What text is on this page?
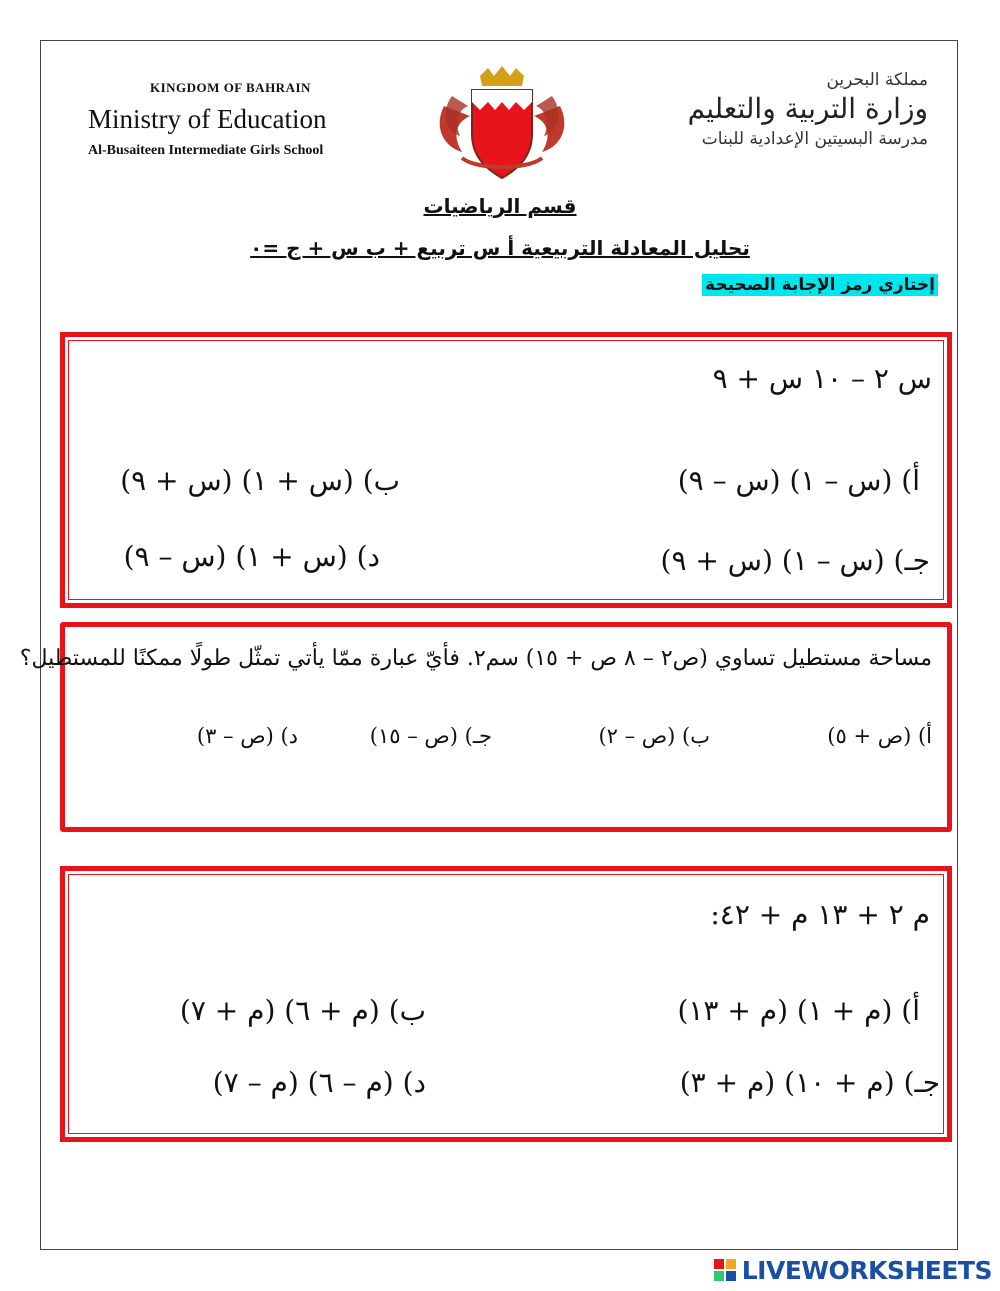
KINGDOM OF BAHRAIN
Ministry of Education
Al-Busaiteen Intermediate Girls School
مملكة البحرين
وزارة التربية والتعليم
مدرسة البسيتين الإعدادية للبنات
قسم الرياضيات
تحليل المعادلة التربيعية أ س تربيع + ب س + ج =٠
إختاري رمز الإجابة الصحيحة
س ٢ – ١٠ س + ٩
أ) (س – ١) (س – ٩)
ب) (س + ١) (س + ٩)
جـ) (س – ١) (س + ٩)
د) (س + ١) (س – ٩)
مساحة مستطيل تساوي (ص٢ – ٨ ص + ١٥) سم٢. فأيّ عبارة ممّا يأتي تمثّل طولًا ممكنًا للمستطيل؟
أ) (ص + ٥)
ب) (ص – ٢)
جـ) (ص – ١٥)
د) (ص – ٣)
م ٢ + ١٣ م + ٤٢:
أ) (م + ١) (م + ١٣)
ب) (م + ٦) (م + ٧)
جـ) (م + ١٠) (م + ٣)
د) (م – ٦) (م – ٧)
LIVEWORKSHEETS
